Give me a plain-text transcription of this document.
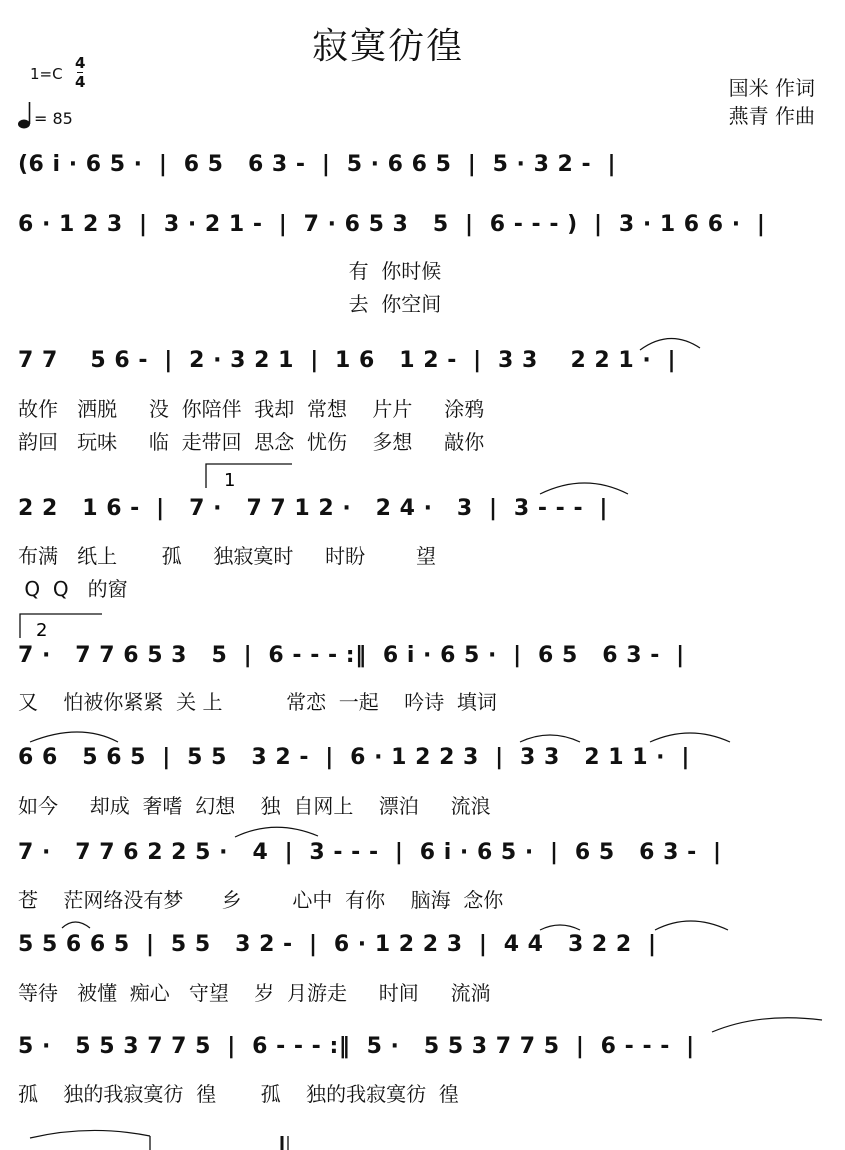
寂寞彷徨
1=C
4
4
= 85
国米 作词
燕青 作曲
(6 i · 6 5 ·  |  6 5   6 3 -  |  5 · 6 6 5  |  5 · 3 2 -  |
6 · 1 2 3  |  3 · 2 1 -  |  7 · 6 5 3   5  |  6 - - - )  |  3 · 1 6 6 ·  |
有  你时候
去  你空间
7 7    5 6 -  |  2 · 3 2 1  |  1 6   1 2 -  |  3 3    2 2 1 ·  |
故作   洒脱     没  你陪伴  我却  常想    片片     涂鸦
韵回   玩味     临  走带回  思念  忧伤    多想     敲你
2 2   1 6 -  |   7 ·   7 7 1 2 ·   2 4 ·   3  |  3 - - -  |
布满   纸上       孤     独寂寞时     时盼        望
Q  Q   的窗
7 ·   7 7 6 5 3   5  |  6 - - - :‖  6 i · 6 5 ·  |  6 5   6 3 -  |
又    怕被你紧紧  关 上          常恋  一起    吟诗  填词
6 6   5 6 5  |  5 5   3 2 -  |  6 · 1 2 2 3  |  3 3   2 1 1 ·  |
如今     却成  奢嗜  幻想    独  自网上    漂泊     流浪
7 ·   7 7 6 2 2 5 ·   4  |  3 - - -  |  6 i · 6 5 ·  |  6 5   6 3 -  |
苍    茫网络没有梦      乡        心中  有你    脑海  念你
5 5 6 6 5  |  5 5   3 2 -  |  6 · 1 2 2 3  |  4 4   3 2 2  |
等待   被懂  痴心   守望    岁  月游走     时间     流淌
5 ·   5 5 3 7 7 5  |  6 - - - :‖  5 ·   5 5 3 7 7 5  |  6 - - -  |
孤    独的我寂寞彷  徨       孤    独的我寂寞彷  徨
1
2
